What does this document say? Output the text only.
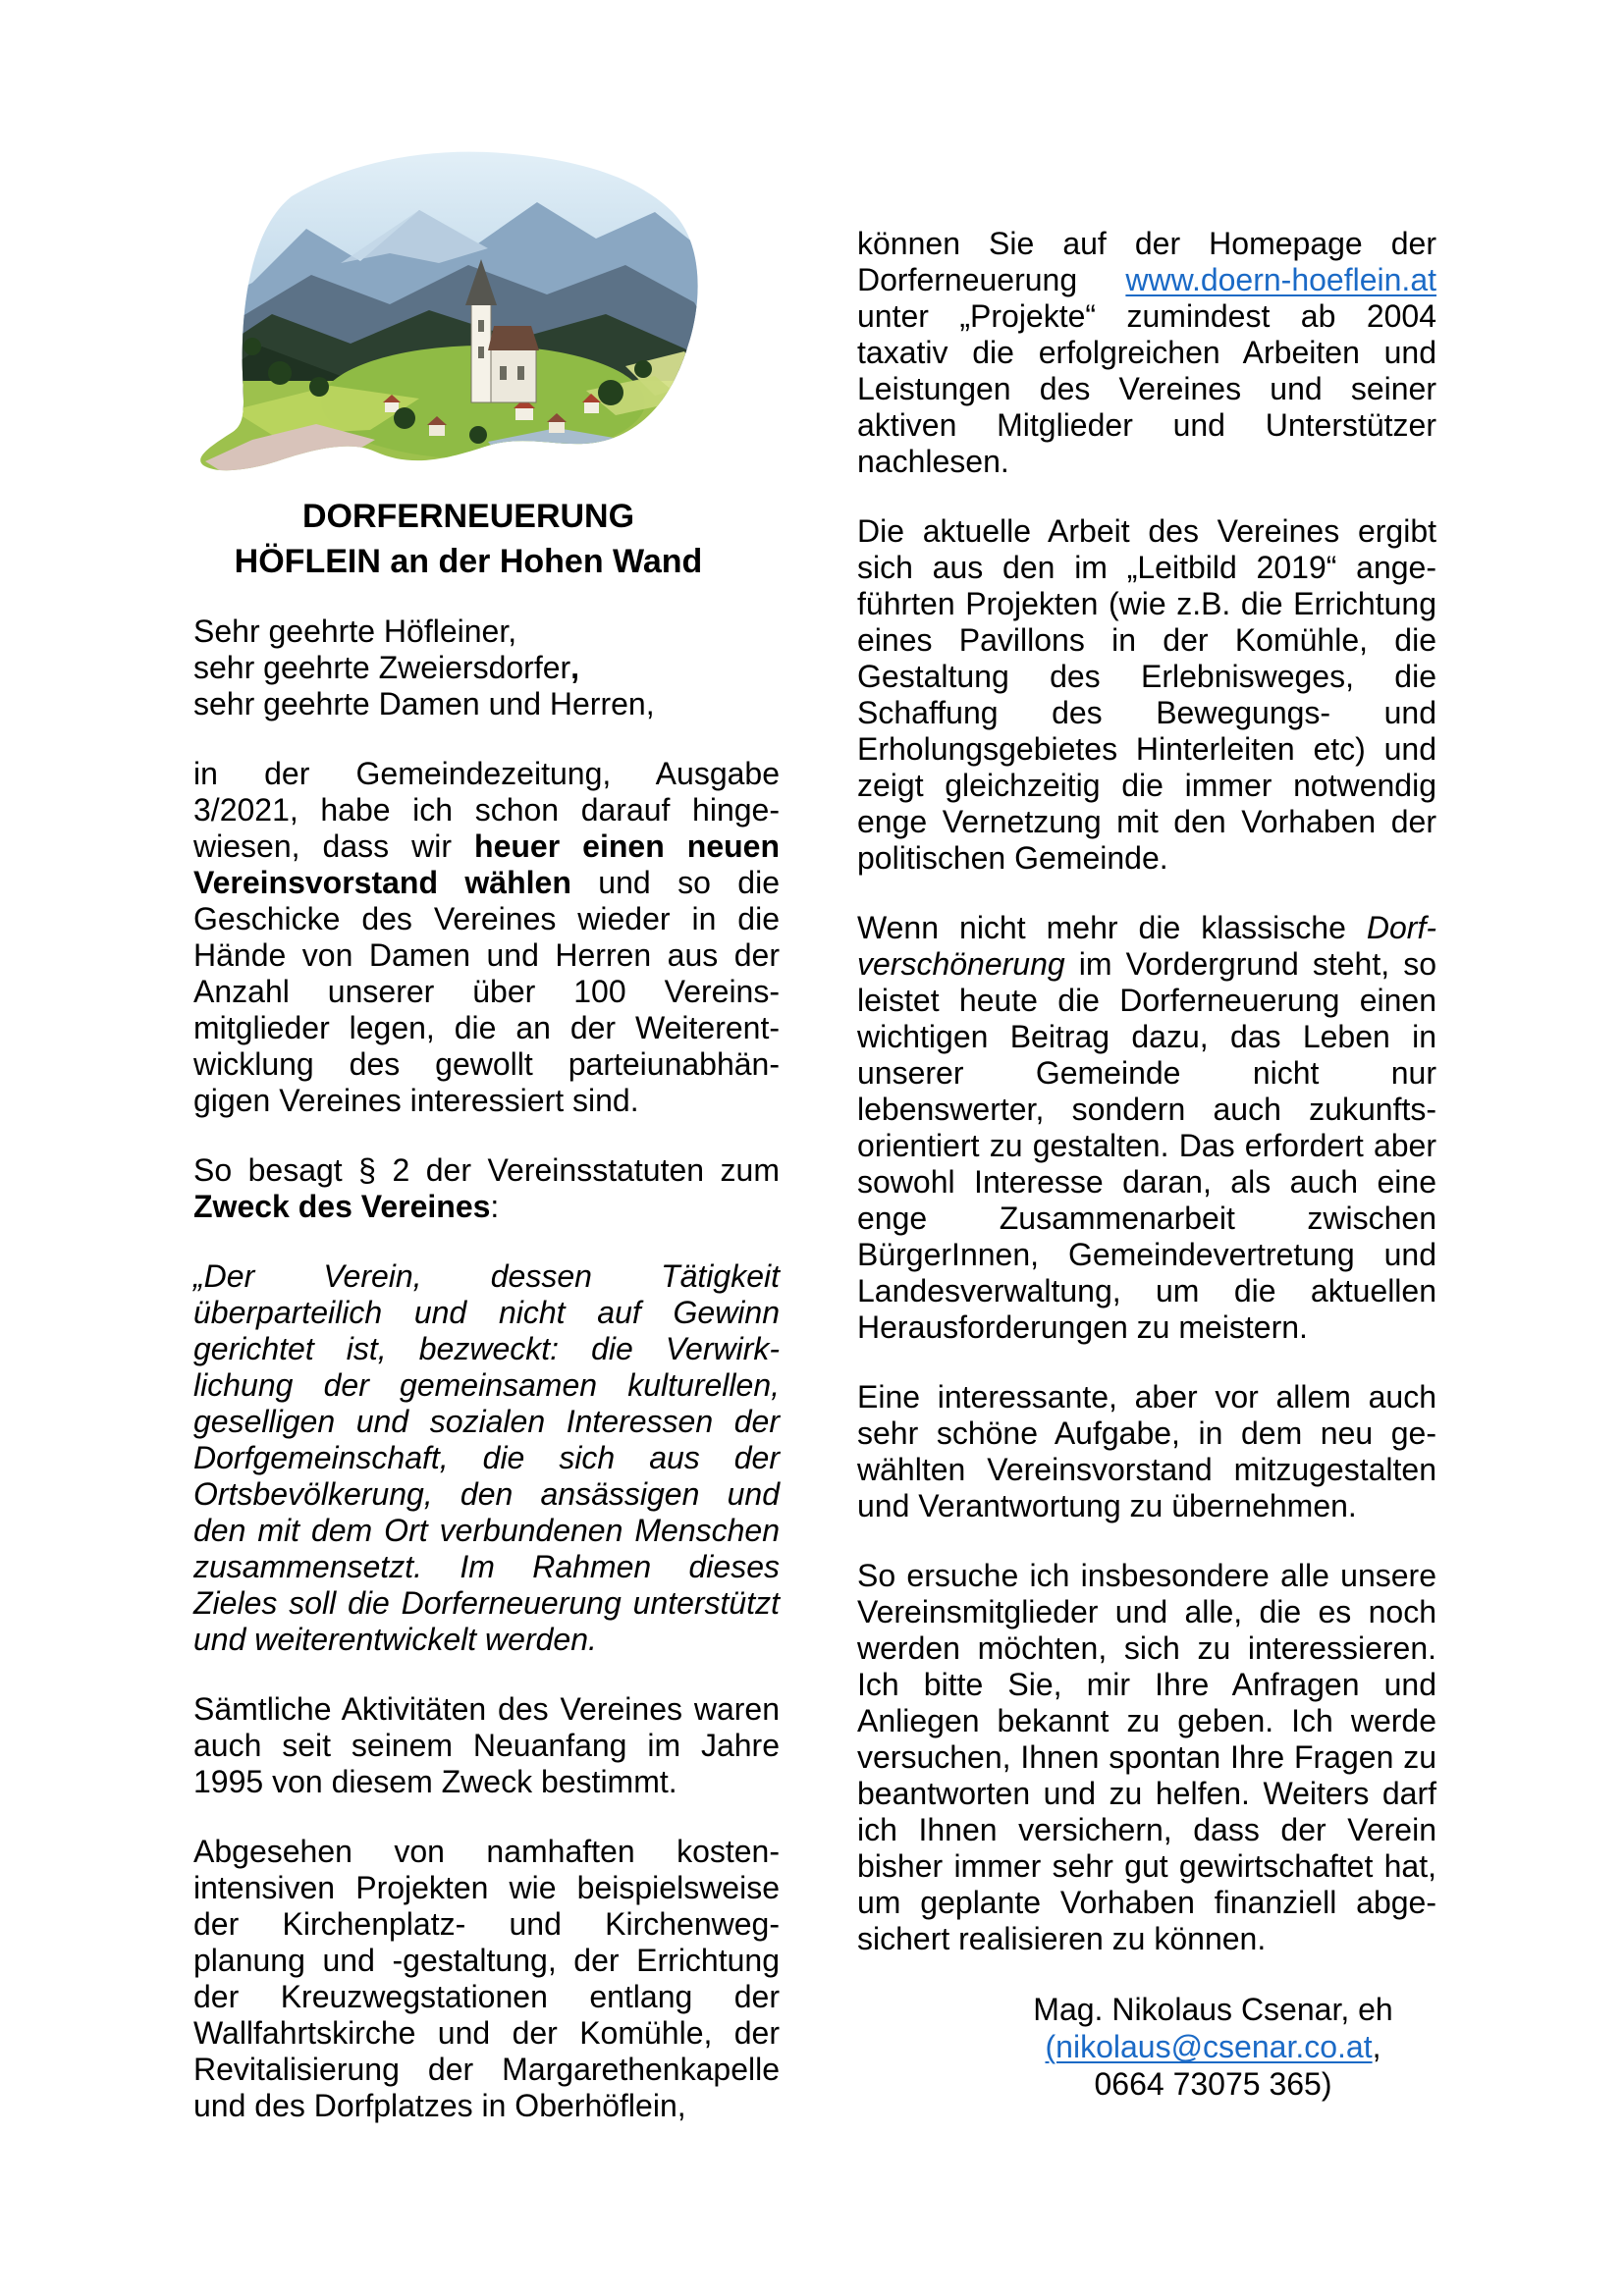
DORFERNEUERUNG
HÖFLEIN an der Hohen Wand
Sehr geehrte Höfleiner,
sehr geehrte Zweiersdorfer,
sehr geehrte Damen und Herren,
in der Gemeindezeitung, Ausgabe
3/2021, habe ich schon darauf hinge-
wiesen, dass wir heuer einen neuen
Vereinsvorstand wählen und so die
Geschicke des Vereines wieder in die
Hände von Damen und Herren aus der
Anzahl unserer über 100 Vereins-
mitglieder legen, die an der Weiterent-
wicklung des gewollt parteiunabhän-
gigen Vereines interessiert sind.
So besagt § 2 der Vereinsstatuten zum
Zweck des Vereines:
„Der Verein, dessen Tätigkeit
überparteilich und nicht auf Gewinn
gerichtet ist, bezweckt: die Verwirk-
lichung der gemeinsamen kulturellen,
geselligen und sozialen Interessen der
Dorfgemeinschaft, die sich aus der
Ortsbevölkerung, den ansässigen und
den mit dem Ort verbundenen Menschen
zusammensetzt. Im Rahmen dieses
Zieles soll die Dorferneuerung unterstützt
und weiterentwickelt werden.
Sämtliche Aktivitäten des Vereines waren
auch seit seinem Neuanfang im Jahre
1995 von diesem Zweck bestimmt.
Abgesehen von namhaften kosten-
intensiven Projekten wie beispielsweise
der Kirchenplatz- und Kirchenweg-
planung und -gestaltung, der Errichtung
der Kreuzwegstationen entlang der
Wallfahrtskirche und der Komühle, der
Revitalisierung der Margarethenkapelle
und des Dorfplatzes in Oberhöflein,
können Sie auf der Homepage der
Dorferneuerung www.doern-hoeflein.at
unter „Projekte“ zumindest ab 2004
taxativ die erfolgreichen Arbeiten und
Leistungen des Vereines und seiner
aktiven Mitglieder und Unterstützer
nachlesen.
Die aktuelle Arbeit des Vereines ergibt
sich aus den im „Leitbild 2019“ ange-
führten Projekten (wie z.B. die Errichtung
eines Pavillons in der Komühle, die
Gestaltung des Erlebnisweges, die
Schaffung des Bewegungs- und
Erholungsgebietes Hinterleiten etc) und
zeigt gleichzeitig die immer notwendig
enge Vernetzung mit den Vorhaben der
politischen Gemeinde.
Wenn nicht mehr die klassische Dorf-
verschönerung im Vordergrund steht, so
leistet heute die Dorferneuerung einen
wichtigen Beitrag dazu, das Leben in
unserer Gemeinde nicht nur
lebenswerter, sondern auch zukunfts-
orientiert zu gestalten. Das erfordert aber
sowohl Interesse daran, als auch eine
enge Zusammenarbeit zwischen
BürgerInnen, Gemeindevertretung und
Landesverwaltung, um die aktuellen
Herausforderungen zu meistern.
Eine interessante, aber vor allem auch
sehr schöne Aufgabe, in dem neu ge-
wählten Vereinsvorstand mitzugestalten
und Verantwortung zu übernehmen.
So ersuche ich insbesondere alle unsere
Vereinsmitglieder und alle, die es noch
werden möchten, sich zu interessieren.
Ich bitte Sie, mir Ihre Anfragen und
Anliegen bekannt zu geben. Ich werde
versuchen, Ihnen spontan Ihre Fragen zu
beantworten und zu helfen. Weiters darf
ich Ihnen versichern, dass der Verein
bisher immer sehr gut gewirtschaftet hat,
um geplante Vorhaben finanziell abge-
sichert realisieren zu können.
Mag. Nikolaus Csenar, eh
(nikolaus@csenar.co.at,
0664 73075 365)
